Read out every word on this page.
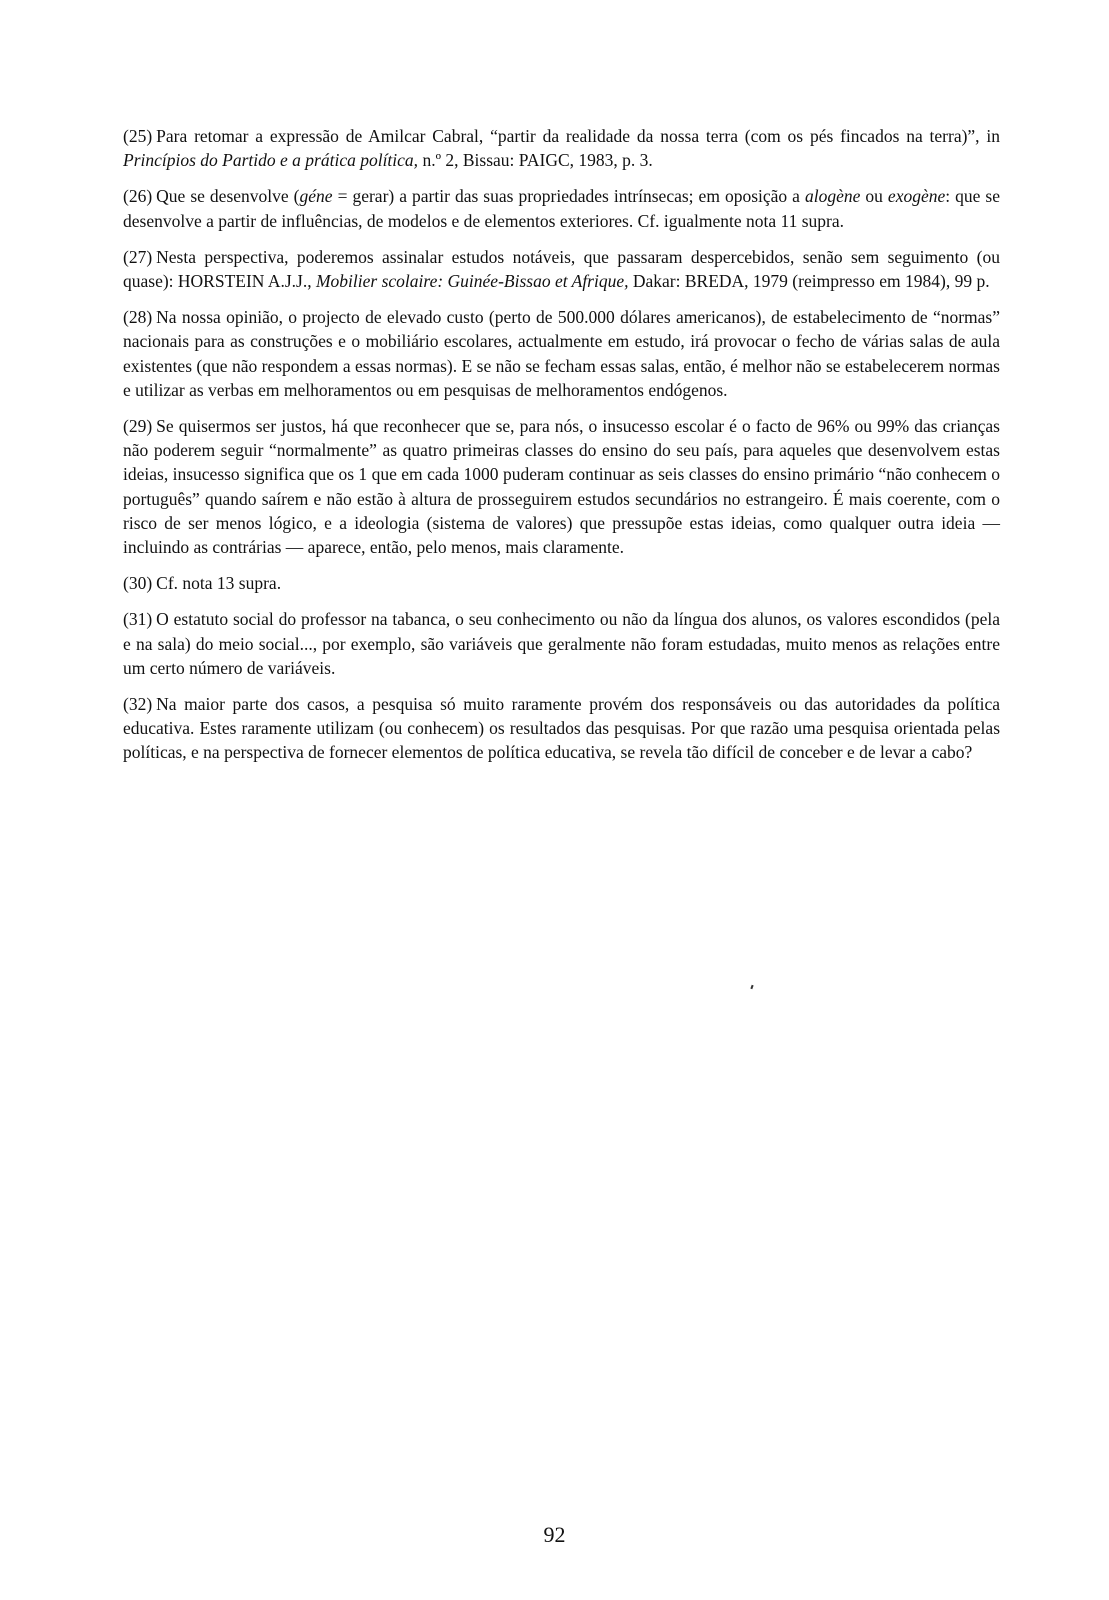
(25) Para retomar a expressão de Amilcar Cabral, “partir da realidade da nossa terra (com os pés fincados na terra)”, in Princípios do Partido e a prática política, n.º 2, Bissau: PAIGC, 1983, p. 3.

(26) Que se desenvolve (géne = gerar) a partir das suas propriedades intrínsecas; em oposição a alogène ou exogène: que se desenvolve a partir de influências, de modelos e de elementos exteriores. Cf. igualmente nota 11 supra.

(27) Nesta perspectiva, poderemos assinalar estudos notáveis, que passaram despercebidos, senão sem seguimento (ou quase): HORSTEIN A.J.J., Mobilier scolaire: Guinée-Bissao et Afrique, Dakar: BREDA, 1979 (reimpresso em 1984), 99 p.

(28) Na nossa opinião, o projecto de elevado custo (perto de 500.000 dólares americanos), de estabelecimento de “normas” nacionais para as construções e o mobiliário escolares, actualmente em estudo, irá provocar o fecho de várias salas de aula existentes (que não respondem a essas normas). E se não se fecham essas salas, então, é melhor não se estabelecerem normas e utilizar as verbas em melhoramentos ou em pesquisas de melhoramentos endógenos.

(29) Se quisermos ser justos, há que reconhecer que se, para nós, o insucesso escolar é o facto de 96% ou 99% das crianças não poderem seguir “normalmente” as quatro primeiras classes do ensino do seu país, para aqueles que desenvolvem estas ideias, insucesso significa que os 1 que em cada 1000 puderam continuar as seis classes do ensino primário “não conhecem o português” quando saírem e não estão à altura de prosseguirem estudos secundários no estrangeiro. É mais coerente, com o risco de ser menos lógico, e a ideologia (sistema de valores) que pressupõe estas ideias, como qualquer outra ideia — incluindo as contrárias — aparece, então, pelo menos, mais claramente.

(30) Cf. nota 13 supra.

(31) O estatuto social do professor na tabanca, o seu conhecimento ou não da língua dos alunos, os valores escondidos (pela e na sala) do meio social..., por exemplo, são variáveis que geralmente não foram estudadas, muito menos as relações entre um certo número de variáveis.

(32) Na maior parte dos casos, a pesquisa só muito raramente provém dos responsáveis ou das autoridades da política educativa. Estes raramente utilizam (ou conhecem) os resultados das pesquisas. Por que razão uma pesquisa orientada pelas políticas, e na perspectiva de fornecer elementos de política educativa, se revela tão difícil de conceber e de levar a cabo?

92
